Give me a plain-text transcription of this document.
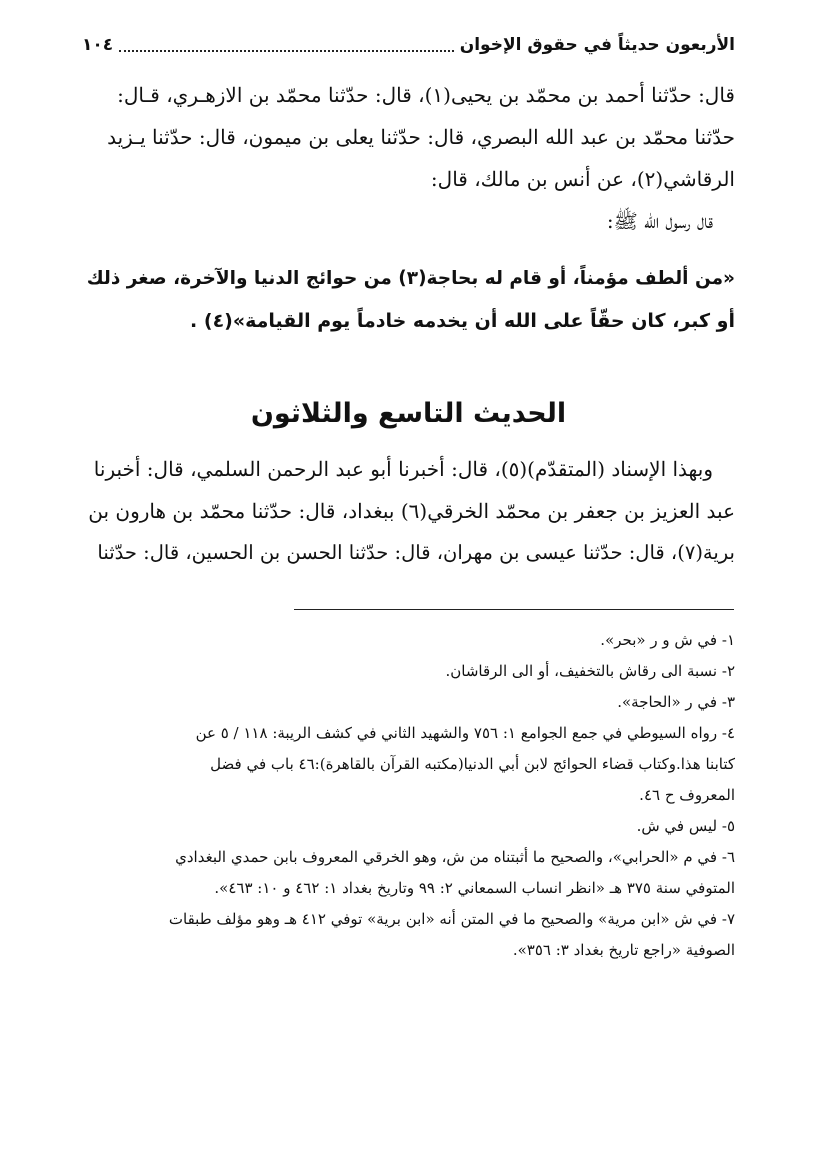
الأربعون حديثاً في حقوق الإخوان
١٠٤

قال: حدّثنا أحمد بن محمّد بن يحيى(١)، قال: حدّثنا محمّد بن الازهـري، قـال:

حدّثنا محمّد بن عبد الله البصري، قال: حدّثنا يعلى بن ميمون، قال: حدّثنا يـزيد

الرقاشي(٢)، عن أنس بن مالك، قال:

قال رسول الله ﷺ:

«من ألطف مؤمناً، أو قام له بحاجة(٣) من حوائج الدنيا والآخرة، صغر ذلك

أو كبر، كان حقّاً على الله أن يخدمه خادماً يوم القيامة»(٤) .

الحديث التاسع والثلاثون

وبهذا الإسناد (المتقدّم)(٥)، قال: أخبرنا أبو عبد الرحمن السلمي، قال: أخبرنا

عبد العزيز بن جعفر بن محمّد الخرقي(٦) ببغداد، قال: حدّثنا محمّد بن هارون بن

برية(٧)، قال: حدّثنا عيسى بن مهران، قال: حدّثنا الحسن بن الحسين، قال: حدّثنا

١- في ش و ر «بحر».

٢- نسبة الى رقاش بالتخفيف، أو الى الرقاشان.

٣- في ر «الحاجة».

٤- رواه السيوطي في جمع الجوامع ١: ٧٥٦ والشهيد الثاني في كشف الريبة: ١١٨ / ٥ عن

كتابنا هذا.وكتاب قضاء الحوائج لابن أبي الدنيا(مكتبه القرآن بالقاهرة):٤٦ باب في فضل

المعروف ح ٤٦.

٥- ليس في ش.

٦- في م «الحرابي»، والصحيح ما أثبتناه من ش، وهو الخرقي المعروف بابن حمدي البغدادي

المتوفي سنة ٣٧٥ هـ «انظر انساب السمعاني ٢: ٩٩ وتاريخ بغداد ١: ٤٦٢ و ١٠: ٤٦٣».

٧- في ش «ابن مرية» والصحيح ما في المتن أنه «ابن برية» توفي ٤١٢ هـ وهو مؤلف طبقات

الصوفية «راجع تاريخ بغداد ٣: ٣٥٦».
